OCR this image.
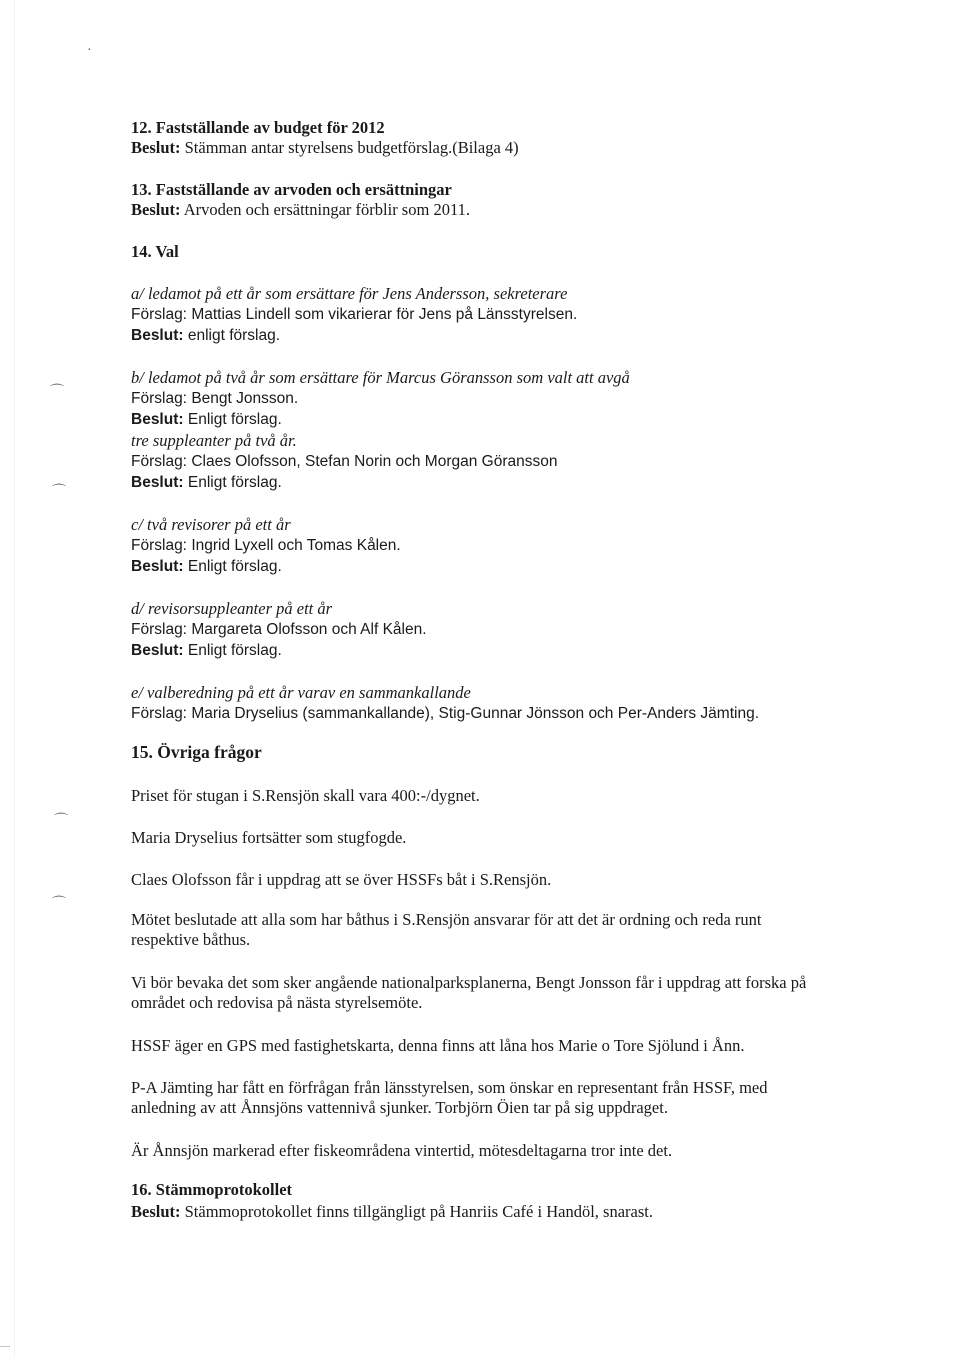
·
⌒
⌒
⌒
⌒
12. Fastställande av budget för 2012
Beslut: Stämman antar styrelsens budgetförslag.(Bilaga 4)
13. Fastställande av arvoden och ersättningar
Beslut: Arvoden och ersättningar förblir som 2011.
14. Val
a/ ledamot på ett år som ersättare för Jens Andersson, sekreterare
Förslag: Mattias Lindell som vikarierar för Jens på Länsstyrelsen.
Beslut: enligt förslag.
b/ ledamot på två år som ersättare för Marcus Göransson som valt att avgå
Förslag: Bengt Jonsson.
Beslut: Enligt förslag.
tre suppleanter på två år.
Förslag: Claes Olofsson, Stefan Norin och Morgan Göransson
Beslut: Enligt förslag.
c/ två revisorer på ett år
Förslag: Ingrid Lyxell och Tomas Kålen.
Beslut: Enligt förslag.
d/ revisorsuppleanter på ett år
Förslag: Margareta Olofsson och Alf Kålen.
Beslut: Enligt förslag.
e/ valberedning på ett år varav en sammankallande
Förslag: Maria Dryselius (sammankallande), Stig-Gunnar Jönsson och Per-Anders Jämting.
15. Övriga frågor
Priset för stugan i S.Rensjön skall vara 400:-/dygnet.
Maria Dryselius fortsätter som stugfogde.
Claes Olofsson får i uppdrag att se över HSSFs båt i S.Rensjön.
Mötet beslutade att alla som har båthus i S.Rensjön ansvarar för att det är ordning och reda runt
respektive båthus.
Vi bör bevaka det som sker angående nationalparksplanerna, Bengt Jonsson får i uppdrag att forska på
området och redovisa på nästa styrelsemöte.
HSSF äger en GPS med fastighetskarta, denna finns att låna hos Marie o Tore Sjölund i Ånn.
P-A Jämting har fått en förfrågan från länsstyrelsen, som önskar en representant från HSSF, med
anledning av att Ånnsjöns vattennivå sjunker. Torbjörn Öien tar på sig uppdraget.
Är Ånnsjön markerad efter fiskeområdena vintertid, mötesdeltagarna tror inte det.
16. Stämmoprotokollet
Beslut: Stämmoprotokollet finns tillgängligt på Hanriis Café i Handöl, snarast.
